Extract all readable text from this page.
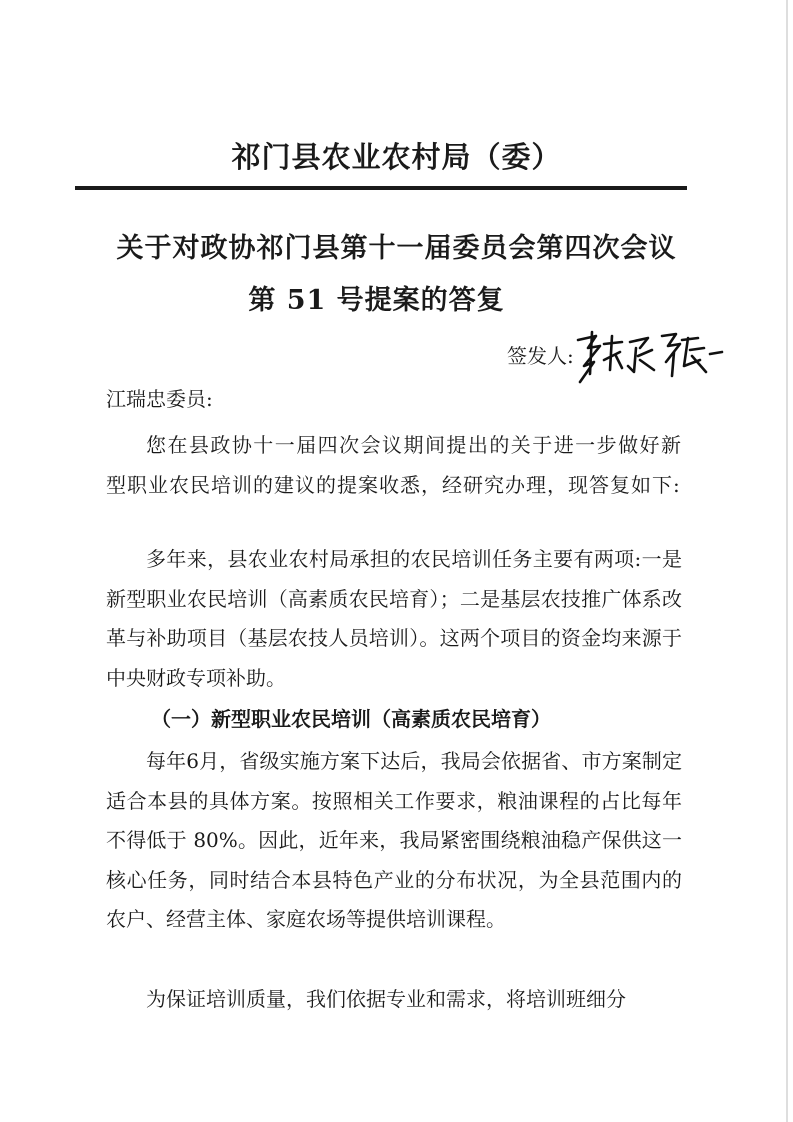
祁门县农业农村局（委）
关于对政协祁门县第十一届委员会第四次会议
第 51 号提案的答复
签发人:
江瑞忠委员:
您在县政协十一届四次会议期间提出的关于进一步做好新型职业农民培训的建议的提案收悉，经研究办理，现答复如下:
多年来，县农业农村局承担的农民培训任务主要有两项:一是新型职业农民培训（高素质农民培育）；二是基层农技推广体系改革与补助项目（基层农技人员培训）。这两个项目的资金均来源于中央财政专项补助。
（一）新型职业农民培训（高素质农民培育）
每年6月，省级实施方案下达后，我局会依据省、市方案制定适合本县的具体方案。按照相关工作要求，粮油课程的占比每年不得低于 80%。因此，近年来，我局紧密围绕粮油稳产保供这一核心任务，同时结合本县特色产业的分布状况，为全县范围内的农户、经营主体、家庭农场等提供培训课程。
为保证培训质量，我们依据专业和需求，将培训班细分
